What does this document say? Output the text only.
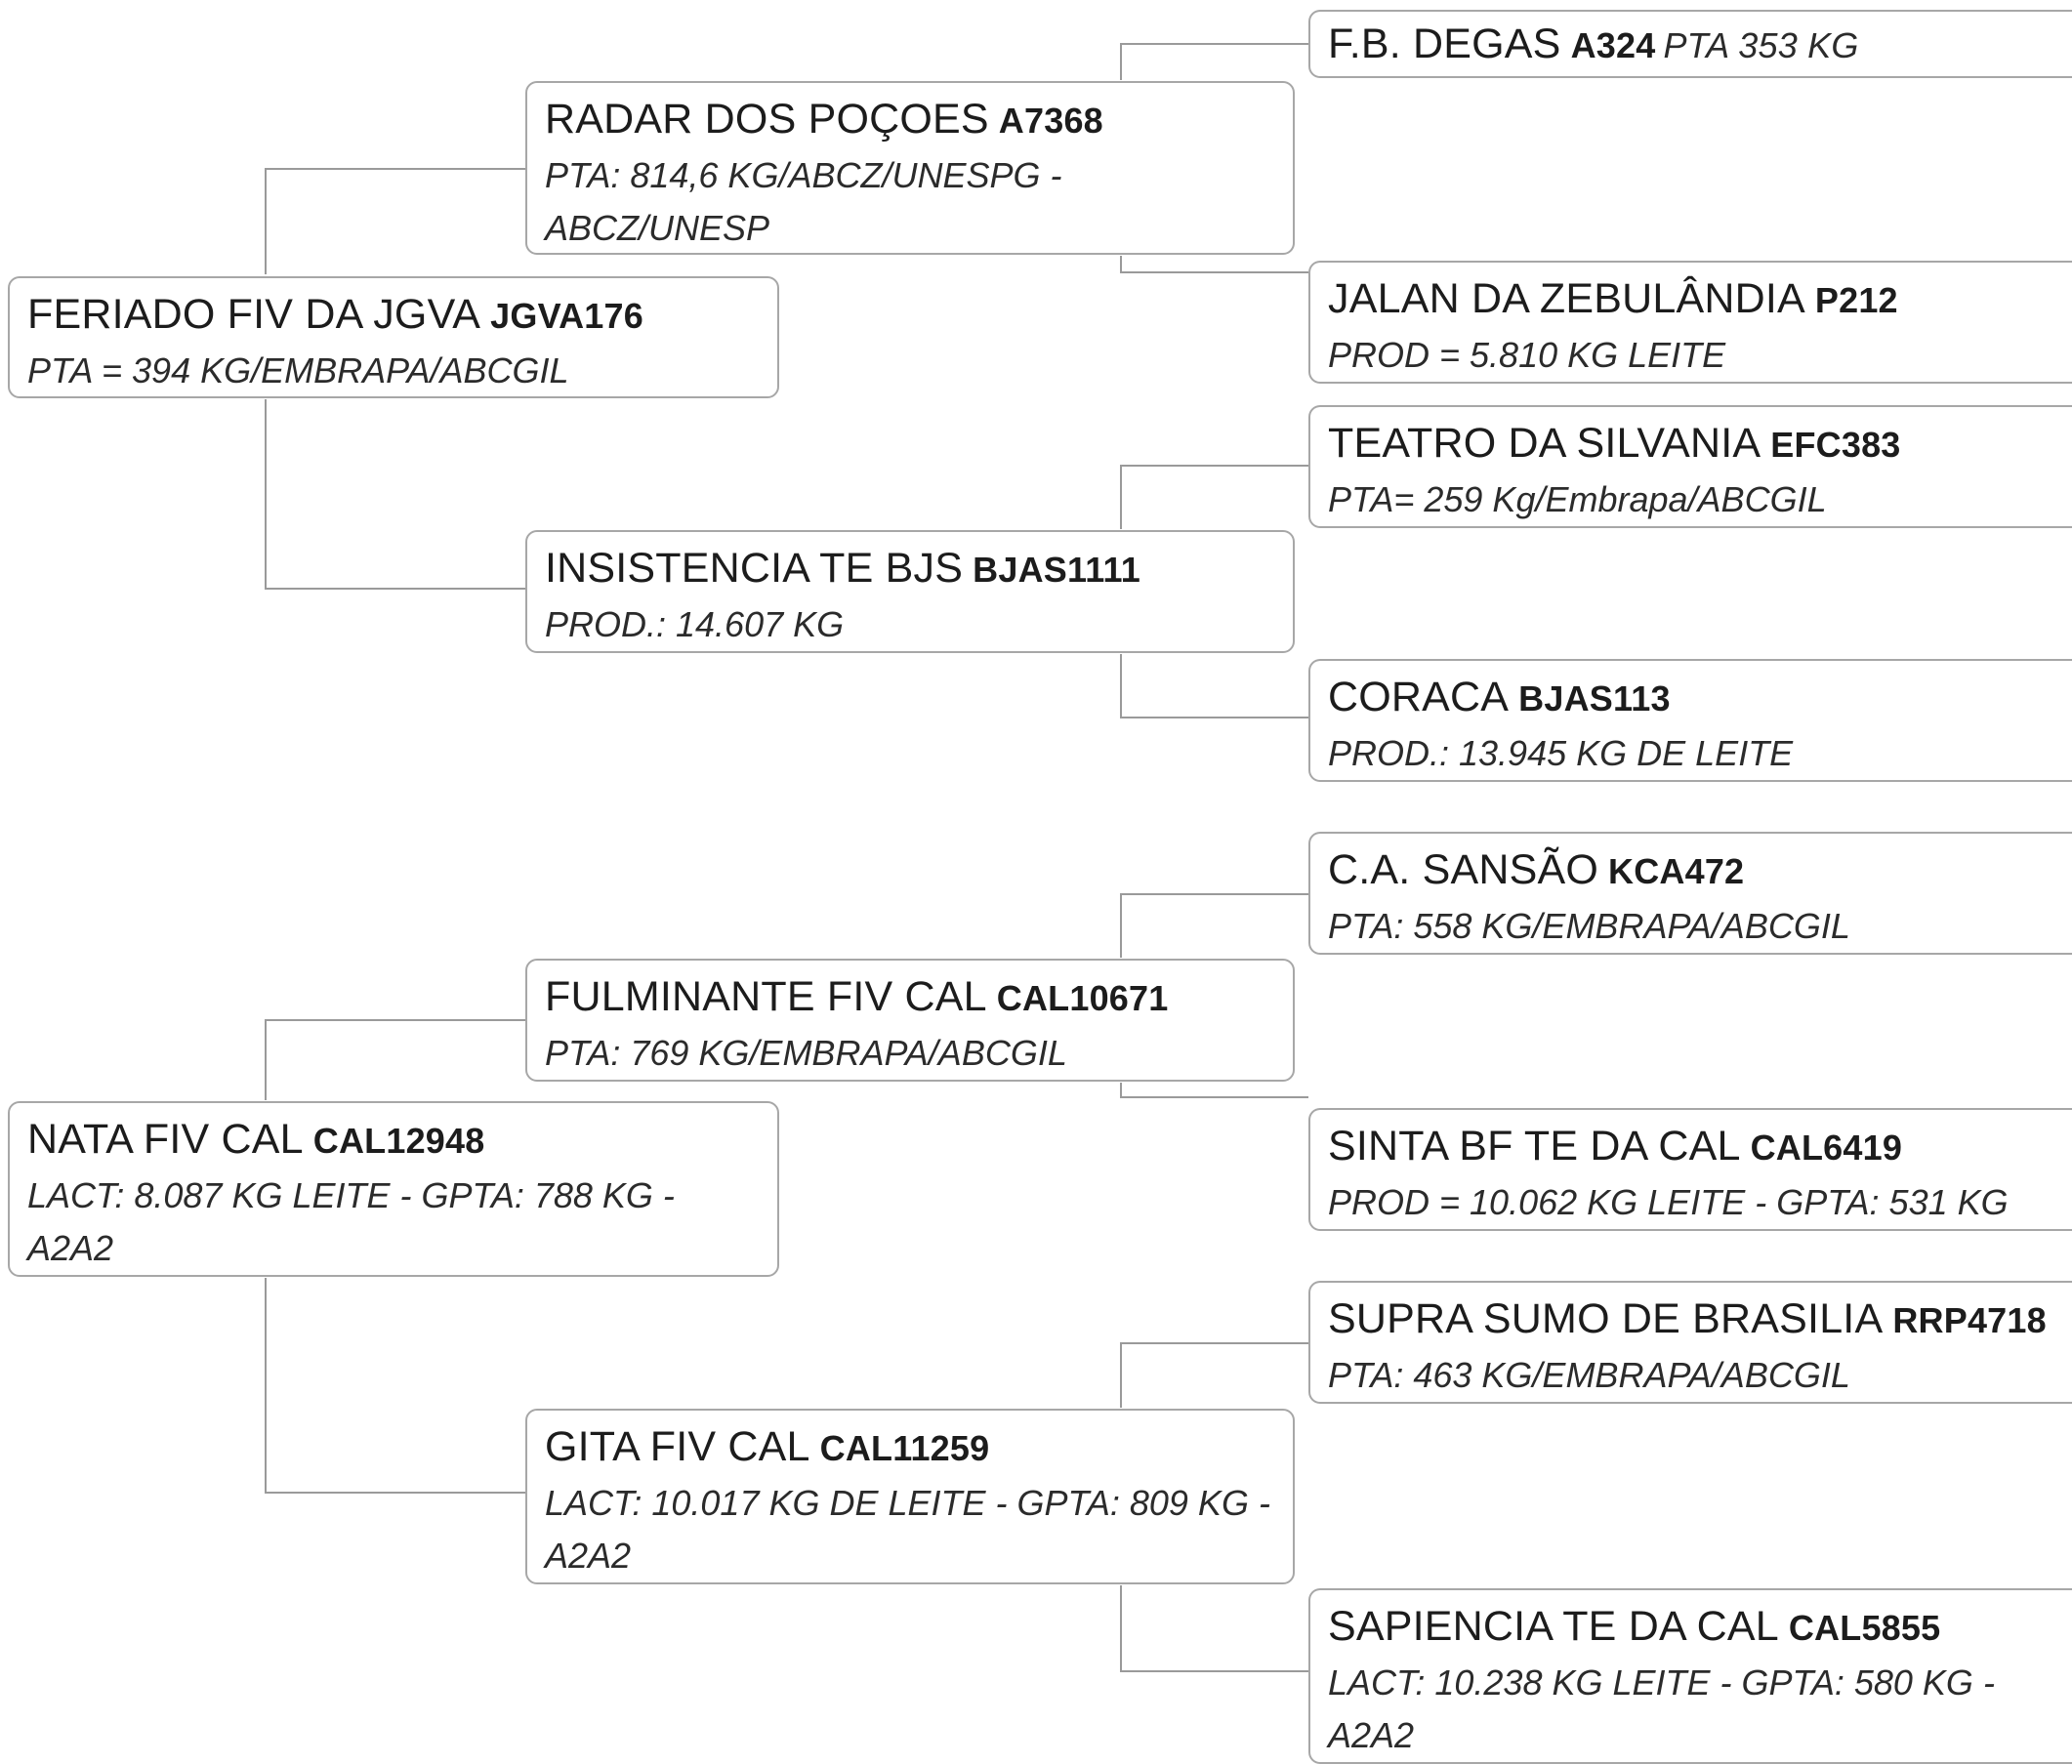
FERIADO FIV DA JGVA JGVA176
PTA = 394 KG/EMBRAPA/ABCGIL
NATA FIV CAL CAL12948
LACT: 8.087 KG LEITE - GPTA: 788 KG - A2A2
RADAR DOS POÇOES A7368
PTA: 814,6 KG/ABCZ/UNESPG - ABCZ/UNESP
INSISTENCIA TE BJS BJAS1111
PROD.: 14.607 KG
FULMINANTE FIV CAL CAL10671
PTA: 769 KG/EMBRAPA/ABCGIL
GITA FIV CAL CAL11259
LACT: 10.017 KG DE LEITE - GPTA: 809 KG - A2A2
F.B. DEGAS A324 PTA 353 KG
JALAN DA ZEBULÂNDIA P212
PROD = 5.810 KG LEITE
TEATRO DA SILVANIA EFC383
PTA= 259 Kg/Embrapa/ABCGIL
CORACA BJAS113
PROD.: 13.945 KG DE LEITE
C.A. SANSÃO KCA472
PTA: 558 KG/EMBRAPA/ABCGIL
SINTA BF TE DA CAL CAL6419
PROD = 10.062 KG LEITE - GPTA: 531 KG
SUPRA SUMO DE BRASILIA RRP4718
PTA: 463 KG/EMBRAPA/ABCGIL
SAPIENCIA TE DA CAL CAL5855
LACT: 10.238 KG LEITE - GPTA: 580 KG - A2A2
